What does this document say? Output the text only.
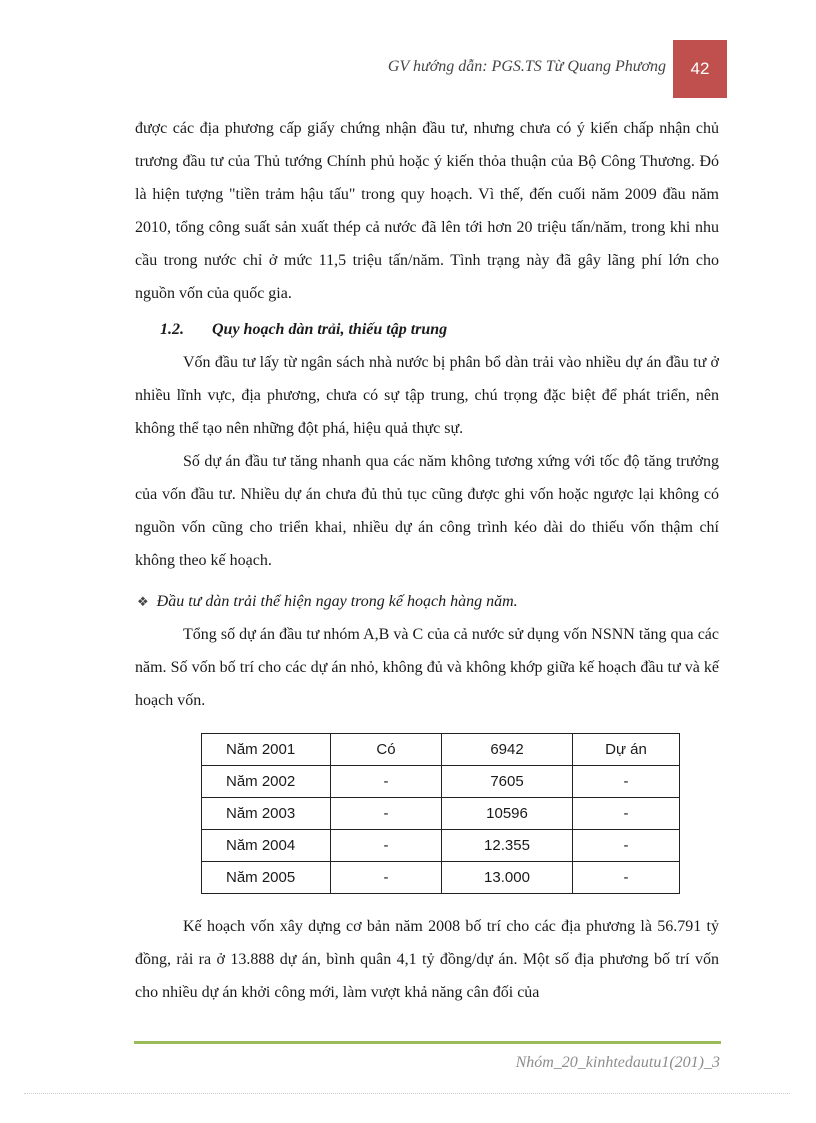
GV hướng dẫn: PGS.TS Từ Quang Phương	42

được các địa phương cấp giấy chứng nhận đầu tư, nhưng chưa có ý kiến chấp nhận chủ trương đầu tư của Thủ tướng Chính phủ hoặc ý kiến thỏa thuận của Bộ Công Thương. Đó là hiện tượng "tiền trảm hậu tấu" trong quy hoạch. Vì thế, đến cuối năm 2009 đầu năm 2010, tổng công suất sản xuất thép cả nước đã lên tới hơn 20 triệu tấn/năm, trong khi nhu cầu trong nước chỉ ở mức 11,5 triệu tấn/năm. Tình trạng này đã gây lãng phí lớn cho nguồn vốn của quốc gia.

1.2. Quy hoạch dàn trải, thiếu tập trung

Vốn đầu tư lấy từ ngân sách nhà nước bị phân bổ dàn trải vào nhiều dự án đầu tư ở nhiều lĩnh vực, địa phương, chưa có sự tập trung, chú trọng đặc biệt để phát triển, nên không thể tạo nên những đột phá, hiệu quả thực sự.

Số dự án đầu tư tăng nhanh qua các năm không tương xứng với tốc độ tăng trưởng của vốn đầu tư. Nhiều dự án chưa đủ thủ tục cũng được ghi vốn hoặc ngược lại không có nguồn vốn cũng cho triển khai, nhiều dự án công trình kéo dài do thiếu vốn thậm chí không theo kế hoạch.

❖ Đầu tư dàn trải thể hiện ngay trong kế hoạch hàng năm.

Tổng số dự án đầu tư nhóm A,B và C của cả nước sử dụng vốn NSNN tăng qua các năm. Số vốn bố trí cho các dự án nhỏ, không đủ và không khớp giữa kế hoạch đầu tư và kế hoạch vốn.

Năm 2001	Có	6942	Dự án
Năm 2002	-	7605	-
Năm 2003	-	10596	-
Năm 2004	-	12.355	-
Năm 2005	-	13.000	-

Kế hoạch vốn xây dựng cơ bản năm 2008 bố trí cho các địa phương là 56.791 tỷ đồng, rải ra ở 13.888 dự án, bình quân 4,1 tỷ đồng/dự án. Một số địa phương bố trí vốn cho nhiều dự án khởi công mới, làm vượt khả năng cân đối của

Nhóm_20_kinhtedautu1(201)_3
